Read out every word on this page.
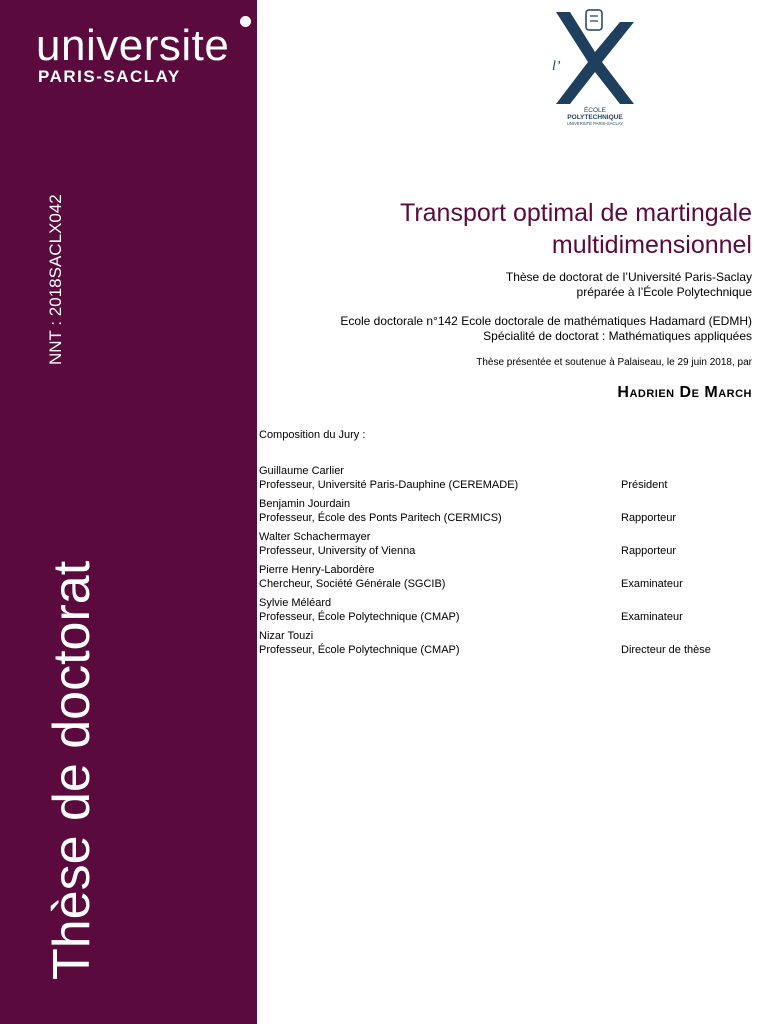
universite
PARIS-SACLAY
NNT : 2018SACLX042
Thèse de doctorat
l’
ÉCOLE
POLYTECHNIQUE
UNIVERSITÉ PARIS-SACLAY
Transport optimal de martingale
multidimensionnel
Thèse de doctorat de l’Université Paris-Saclay
préparée à l’École Polytechnique
Ecole doctorale n°142 Ecole doctorale de mathématiques Hadamard (EDMH)
Spécialité de doctorat : Mathématiques appliquées
Thèse présentée et soutenue à Palaiseau, le 29 juin 2018, par
Hadrien De March
Composition du Jury :
Guillaume Carlier
Professeur, Université Paris-Dauphine (CEREMADE)	Président
Benjamin Jourdain
Professeur, École des Ponts Paritech (CERMICS)	Rapporteur
Walter Schachermayer
Professeur, University of Vienna	Rapporteur
Pierre Henry-Labordère
Chercheur, Société Générale (SGCIB)	Examinateur
Sylvie Méléard
Professeur, École Polytechnique (CMAP)	Examinateur
Nizar Touzi
Professeur, École Polytechnique (CMAP)	Directeur de thèse
